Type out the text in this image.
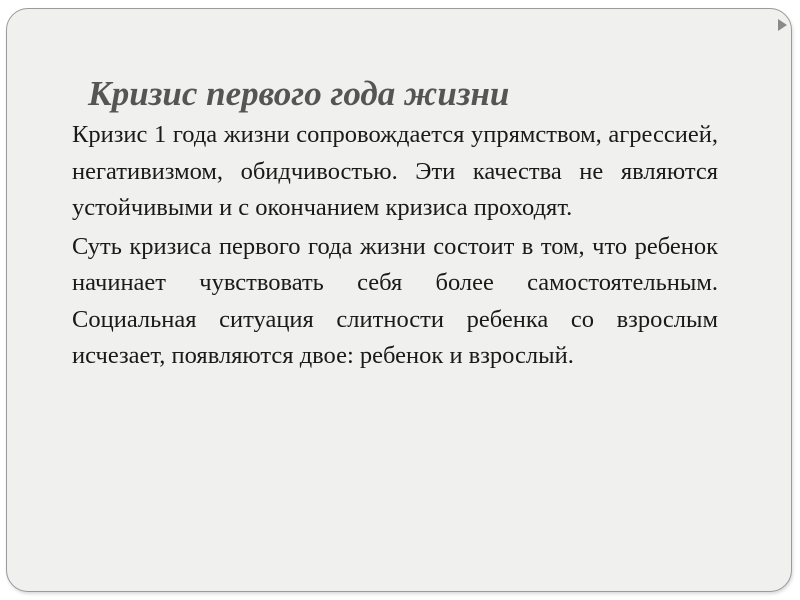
Кризис первого года жизни

Кризис 1 года жизни сопровождается упрямством, агрессией, негативизмом, обидчивостью. Эти качества не являются устойчивыми и с окончанием кризиса проходят.

Суть кризиса первого года жизни состоит в том, что ребенок начинает чувствовать себя более самостоятельным. Социальная ситуация слитности ребенка со взрослым исчезает, появляются двое: ребенок и взрослый.
